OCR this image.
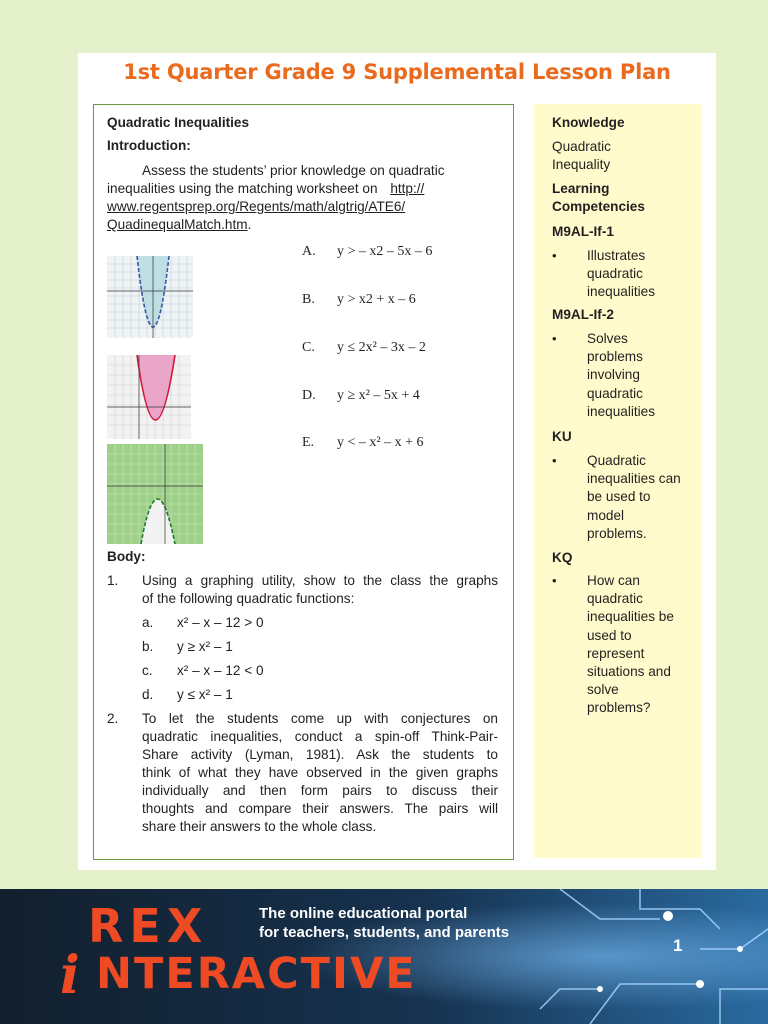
1st Quarter Grade 9 Supplemental Lesson Plan
Quadratic Inequalities
Introduction:
Assess the students’ prior knowledge on quadratic
inequalities using the matching worksheet on http://
www.regentsprep.org/Regents/math/algtrig/ATE6/
QuadinequalMatch.htm.
A. y > – x2 – 5x – 6
B. y > x2 + x – 6
C. y ≤ 2x² – 3x – 2
D. y ≥ x² – 5x + 4
E. y < – x² – x + 6
Body:
1. Using a graphing utility, show to the class the graphs
of the following quadratic functions:
a. x² – x – 12 > 0
b. y ≥ x² – 1
c. x² – x – 12 < 0
d. y ≤ x² – 1
2. To let the students come up with conjectures on
quadratic inequalities, conduct a spin-off Think-Pair-
Share activity (Lyman, 1981). Ask the students to
think of what they have observed in the given graphs
individually and then form pairs to discuss their
thoughts and compare their answers. The pairs will
share their answers to the whole class.
Knowledge
Quadratic Inequality
Learning Competencies
M9AL-If-1
• Illustrates quadratic inequalities
M9AL-If-2
• Solves problems involving quadratic inequalities
KU
• Quadratic inequalities can be used to model problems.
KQ
• How can quadratic inequalities be used to represent situations and solve problems?
REX
i NTERACTIVE
The online educational portal
for teachers, students, and parents
1
